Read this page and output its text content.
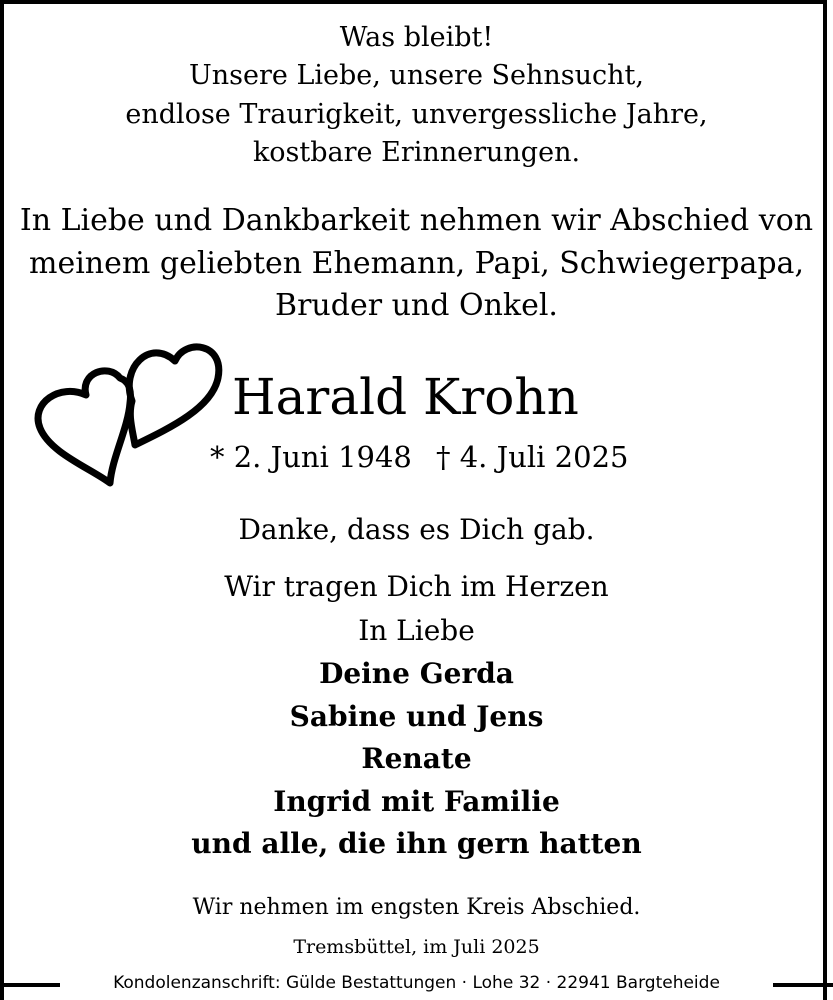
Was bleibt!
Unsere Liebe, unsere Sehnsucht,
endlose Traurigkeit, unvergessliche Jahre,
kostbare Erinnerungen.
In Liebe und Dankbarkeit nehmen wir Abschied von
meinem geliebten Ehemann, Papi, Schwiegerpapa,
Bruder und Onkel.
Harald Krohn
* 2. Juni 1948 † 4. Juli 2025
Danke, dass es Dich gab.
Wir tragen Dich im Herzen
In Liebe
Deine Gerda
Sabine und Jens
Renate
Ingrid mit Familie
und alle, die ihn gern hatten
Wir nehmen im engsten Kreis Abschied.
Tremsbüttel, im Juli 2025
Kondolenzanschrift: Gülde Bestattungen · Lohe 32 · 22941 Bargteheide
